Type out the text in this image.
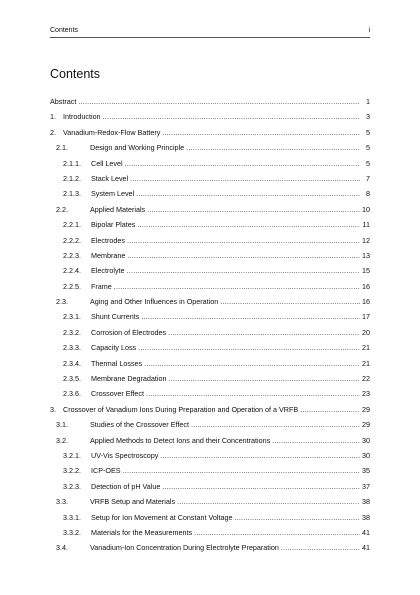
Contents	i
Contents
Abstract .....	1
1. Introduction .....	3
2. Vanadium-Redox-Flow Battery .....	5
2.1.	Design and Working Principle .....	5
2.1.1.	Cell Level .....	5
2.1.2.	Stack Level .....	7
2.1.3.	System Level .....	8
2.2.	Applied Materials .....	10
2.2.1.	Bipolar Plates .....	11
2.2.2.	Electrodes .....	12
2.2.3.	Membrane .....	13
2.2.4.	Electrolyte .....	15
2.2.5.	Frame .....	16
2.3.	Aging and Other Influences in Operation .....	16
2.3.1.	Shunt Currents .....	17
2.3.2.	Corrosion of Electrodes .....	20
2.3.3.	Capacity Loss .....	21
2.3.4.	Thermal Losses .....	21
2.3.5.	Membrane Degradation .....	22
2.3.6.	Crossover Effect .....	23
3. Crossover of Vanadium Ions During Preparation and Operation of a VRFB .....	29
3.1.	Studies of the Crossover Effect .....	29
3.2.	Applied Methods to Detect Ions and their Concentrations .....	30
3.2.1.	UV-Vis Spectroscopy .....	30
3.2.2.	ICP-OES .....	35
3.2.3.	Detection of pH Value .....	37
3.3.	VRFB Setup and Materials .....	38
3.3.1.	Setup for Ion Movement at Constant Voltage .....	38
3.3.2.	Materials for the Measurements .....	41
3.4.	Vanadium-Ion Concentration During Electrolyte Preparation .....	41
